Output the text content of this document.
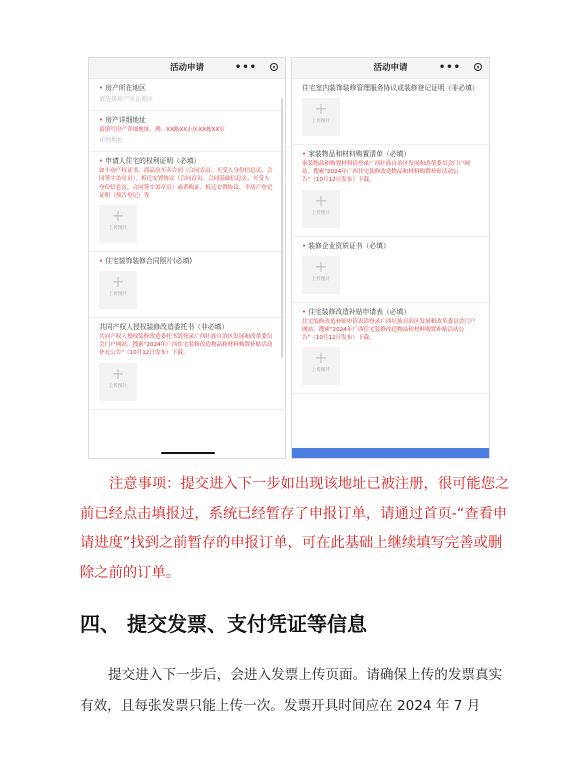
活动申请	•••
• 房产所在地区
请选择房产所在地区
• 房产详细地址
请填写房产详细地址，例：XX路XX小区XX栋XX室
详细地址
• 申请人住宅的权利证明（必填）
如不动产权证书、商品房买卖合同（合同首页、买受人身份信息页、合同签字盖章页），拆迁安置协议（合同首页、合同基础信息页、买受人身份信息页、合同签字盖章页）或者购证、拆迁安置协议、不动产登记证明（预告登记）等
+
上传图片
• 住宅装饰装修合同照片(必填)
+
上传图片
共同产权人授权装修改造委托书（非必填）
共同产权人授权装修改造委托书请登录广西壮族自治区发展和改革委员会门户网站，搜索"2024年广西住宅装修改造物品和材料购置补贴活动补充公告"（10月12日发布）下载。
+
上传图片
活动申请	•••
住宅室内装饰装修管理服务协议或装修登记证明（非必填）
+
上传图片
• 家装物品和材料购置清单（必填）
家装物品和购置材料请登录广西壮族自治区发展和改革委员会门户网站，搜索"2024年广西住宅装修改造物品和材料购置补贴活动公告"（10月12日发布）下载。
+
上传图片
• 装修企业资质证书（必填）
+
上传图片
• 住宅装修改造补贴申请表（必填）
住宅装修改造补贴申请表请登录广西壮族自治区发展和改革委员会门户网站，搜索"2024年广西住宅装修改造物品和材料购置补贴活动公告"（10月12日发布）下载。
+
上传图片
注意事项：提交进入下一步如出现该地址已被注册，很可能您之前已经点击填报过，系统已经暂存了申报订单，请通过首页-“查看申请进度”找到之前暂存的申报订单，可在此基础上继续填写完善或删除之前的订单。
四、 提交发票、支付凭证等信息
提交进入下一步后，会进入发票上传页面。请确保上传的发票真实有效，且每张发票只能上传一次。发票开具时间应在 2024 年 7 月
